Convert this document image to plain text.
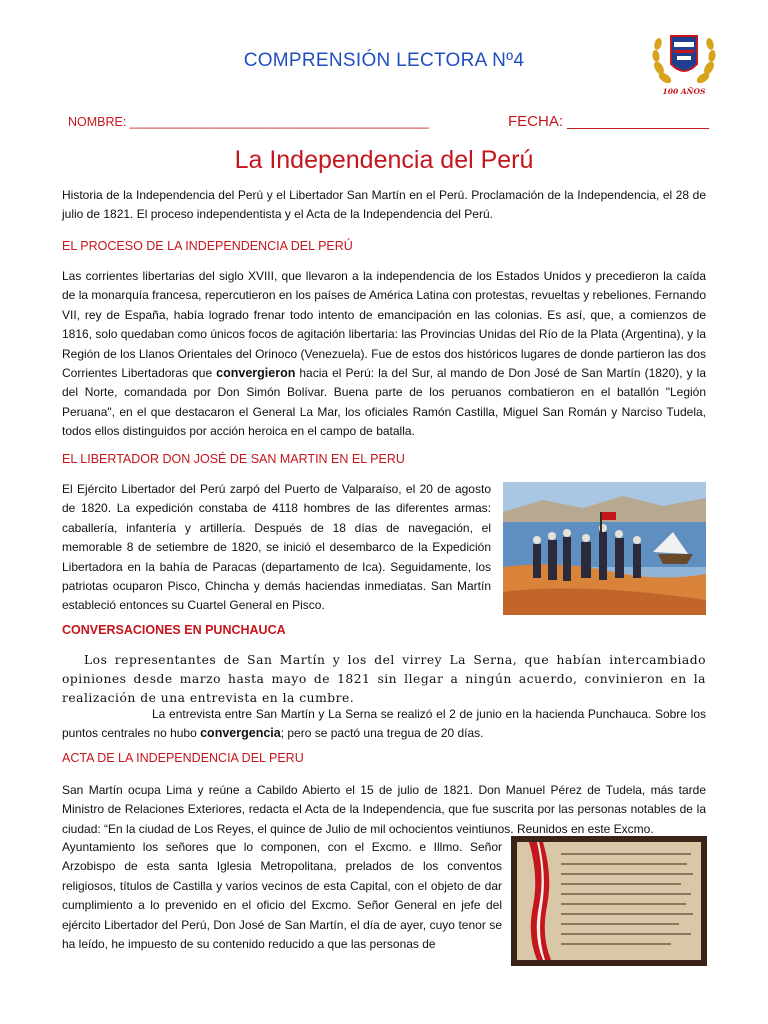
COMPRENSIÓN LECTORA Nº4
100 AÑOS
NOMBRE: ___________________________________________	FECHA: _________________
La Independencia del Perú
Historia de la Independencia del Perú y el Libertador San Martín en el Perú. Proclamación de la Independencia, el 28 de julio de 1821. El proceso independentista y el Acta de la Independencia del Perú.
EL PROCESO DE LA INDEPENDENCIA DEL PERÚ
Las corrientes libertarias del siglo XVIII, que llevaron a la independencia de los Estados Unidos y precedieron la caída de la monarquía francesa, repercutieron en los países de América Latina con protestas, revueltas y rebeliones. Fernando VII, rey de España, había logrado frenar todo intento de emancipación en las colonias. Es así, que, a comienzos de 1816, solo quedaban como únicos focos de agitación libertaria: las Provincias Unidas del Río de la Plata (Argentina), y la Región de los Llanos Orientales del Orinoco (Venezuela). Fue de estos dos históricos lugares de donde partieron las dos Corrientes Libertadoras que convergieron hacia el Perú: la del Sur, al mando de Don José de San Martín (1820), y la del Norte, comandada por Don Simón Bolívar. Buena parte de los peruanos combatieron en el batallón "Legión Peruana", en el que destacaron el General La Mar, los oficiales Ramón Castilla, Miguel San Román y Narciso Tudela, todos ellos distinguidos por acción heroica en el campo de batalla.
EL LIBERTADOR DON JOSÉ DE SAN MARTIN EN EL PERU
El Ejército Libertador del Perú zarpó del Puerto de Valparaíso, el 20 de agosto de 1820. La expedición constaba de 4118 hombres de las diferentes armas: caballería, infantería y artillería. Después de 18 días de navegación, el memorable 8 de setiembre de 1820, se inició el desembarco de la Expedición Libertadora en la bahía de Paracas (departamento de Ica). Seguidamente, los patriotas ocuparon Pisco, Chincha y demás haciendas inmediatas. San Martín estableció entonces su Cuartel General en Pisco.
CONVERSACIONES EN PUNCHAUCA
Los representantes de San Martín y los del virrey La Serna, que habían intercambiado opiniones desde marzo hasta mayo de 1821 sin llegar a ningún acuerdo, convinieron en la realización de una entrevista en la cumbre.
La entrevista entre San Martín y La Serna se realizó el 2 de junio en la hacienda Punchauca. Sobre los puntos centrales no hubo convergencia; pero se pactó una tregua de 20 días.
ACTA DE LA INDEPENDENCIA DEL PERU
San Martín ocupa Lima y reúne a Cabildo Abierto el 15 de julio de 1821. Don Manuel Pérez de Tudela, más tarde Ministro de Relaciones Exteriores, redacta el Acta de la Independencia, que fue suscrita por las personas notables de la ciudad: “En la ciudad de Los Reyes, el quince de Julio de mil ochocientos veintiunos. Reunidos en este Excmo.
Ayuntamiento los señores que lo componen, con el Excmo. e Illmo. Señor Arzobispo de esta santa Iglesia Metropolitana, prelados de los conventos religiosos, títulos de Castilla y varios vecinos de esta Capital, con el objeto de dar cumplimiento a lo prevenido en el oficio del Excmo. Señor General en jefe del ejército Libertador del Perú, Don José de San Martín, el día de ayer, cuyo tenor se ha leído, he impuesto de su contenido reducido a que las personas de
